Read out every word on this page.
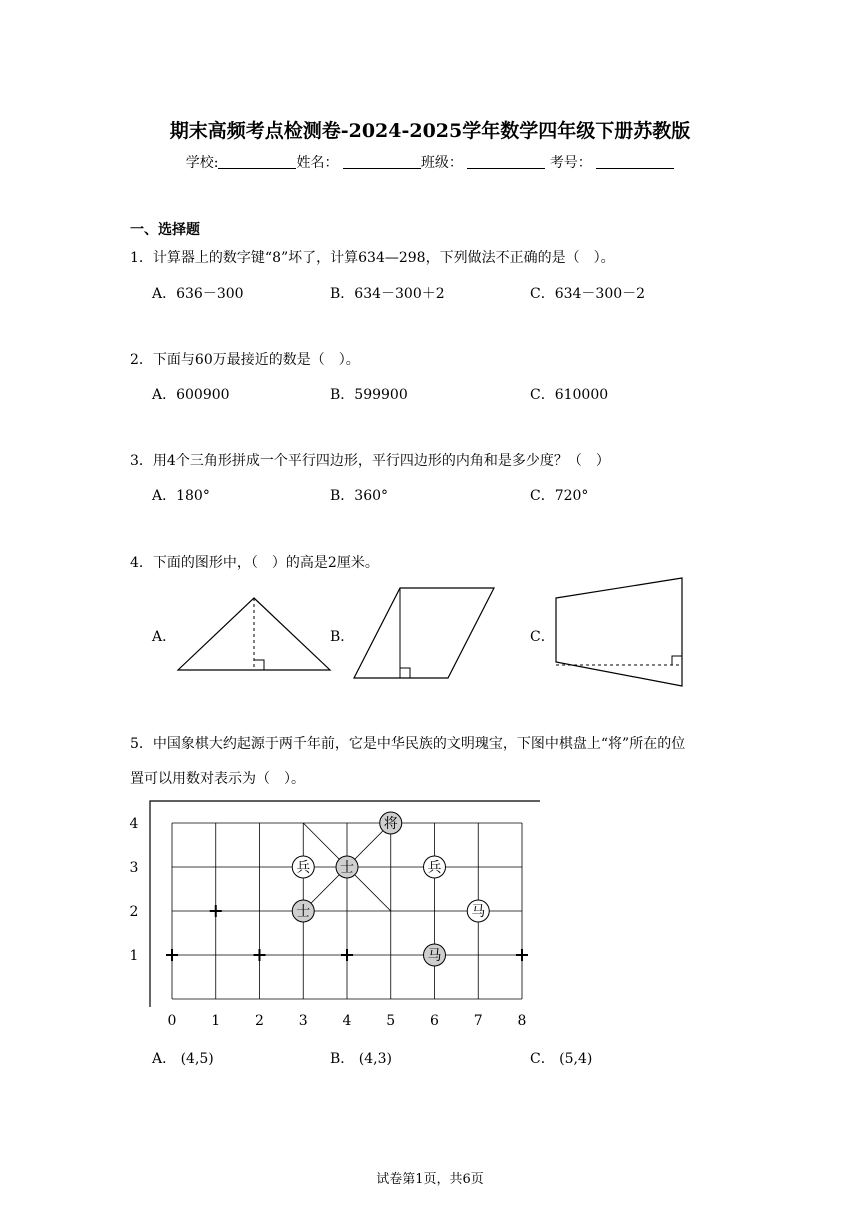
期末高频考点检测卷-2024-2025学年数学四年级下册苏教版
学校:	姓名：	班级：	考号：
一、选择题
1．计算器上的数字键“8”坏了，计算634—298，下列做法不正确的是（　）。
A．636－300	B．634－300＋2	C．634－300－2
2．下面与60万最接近的数是（　）。
A．600900	B．599900	C．610000
3．用4个三角形拼成一个平行四边形，平行四边形的内角和是多少度？（　）
A．180°	B．360°	C．720°
4．下面的图形中，（　）的高是2厘米。
A．	B．	C．
5．中国象棋大约起源于两千年前，它是中华民族的文明瑰宝，下图中棋盘上“将”所在的位
置可以用数对表示为（　）。
将
兵 士	兵
士	马
马
0 1 2 3 4 5 6 7 8
4
3
2
1
A． (4,5)	B． (4,3)	C． (5,4)
试卷第1页，共6页
